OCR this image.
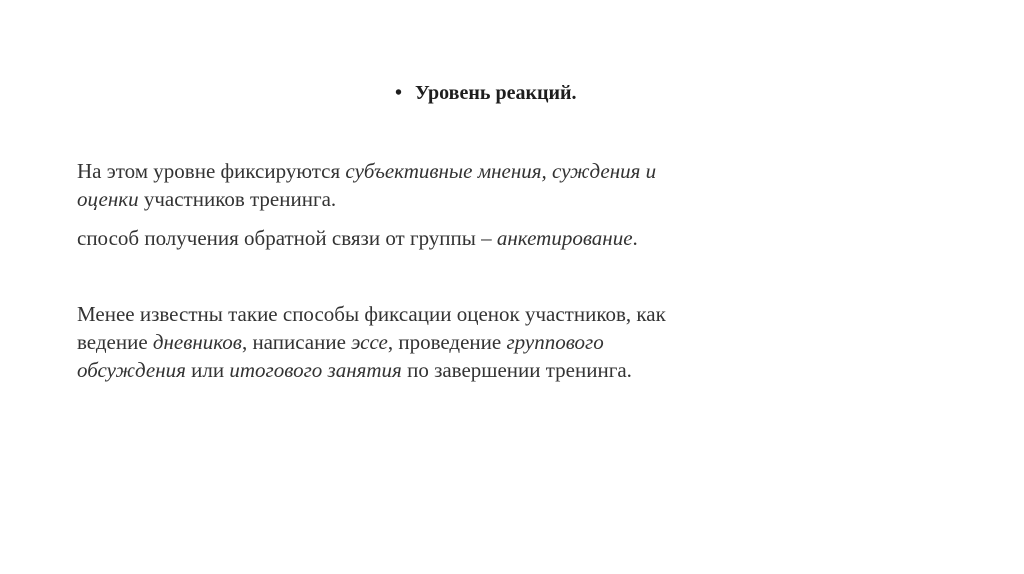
• Уровень реакций.
На этом уровне фиксируются субъективные мнения, суждения и
оценки участников тренинга.
способ получения обратной связи от группы – анкетирование.
Менее известны такие способы фиксации оценок участников, как
ведение дневников, написание эссе, проведение группового
обсуждения или итогового занятия по завершении тренинга.
